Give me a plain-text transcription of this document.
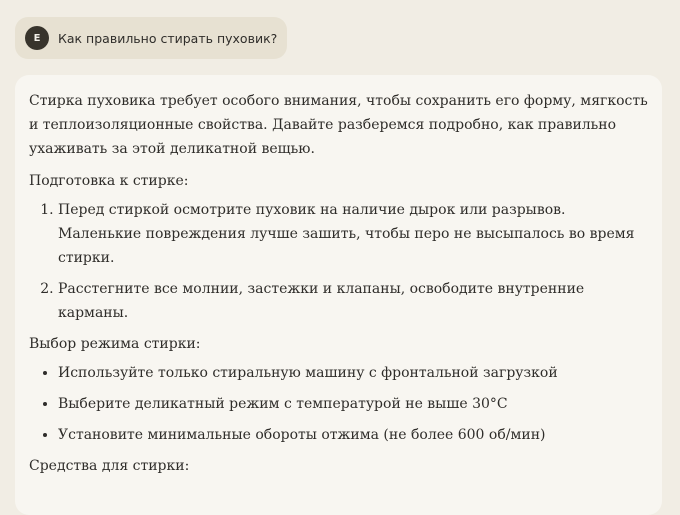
E	Как правильно стирать пуховик?

Стирка пуховика требует особого внимания, чтобы сохранить его форму, мягкость и теплоизоляционные свойства. Давайте разберемся подробно, как правильно ухаживать за этой деликатной вещью.

Подготовка к стирке:

1. Перед стиркой осмотрите пуховик на наличие дырок или разрывов. Маленькие повреждения лучше зашить, чтобы перо не высыпалось во время стирки.
2. Расстегните все молнии, застежки и клапаны, освободите внутренние карманы.

Выбор режима стирки:

• Используйте только стиральную машину с фронтальной загрузкой
• Выберите деликатный режим с температурой не выше 30°C
• Установите минимальные обороты отжима (не более 600 об/мин)

Средства для стирки:
